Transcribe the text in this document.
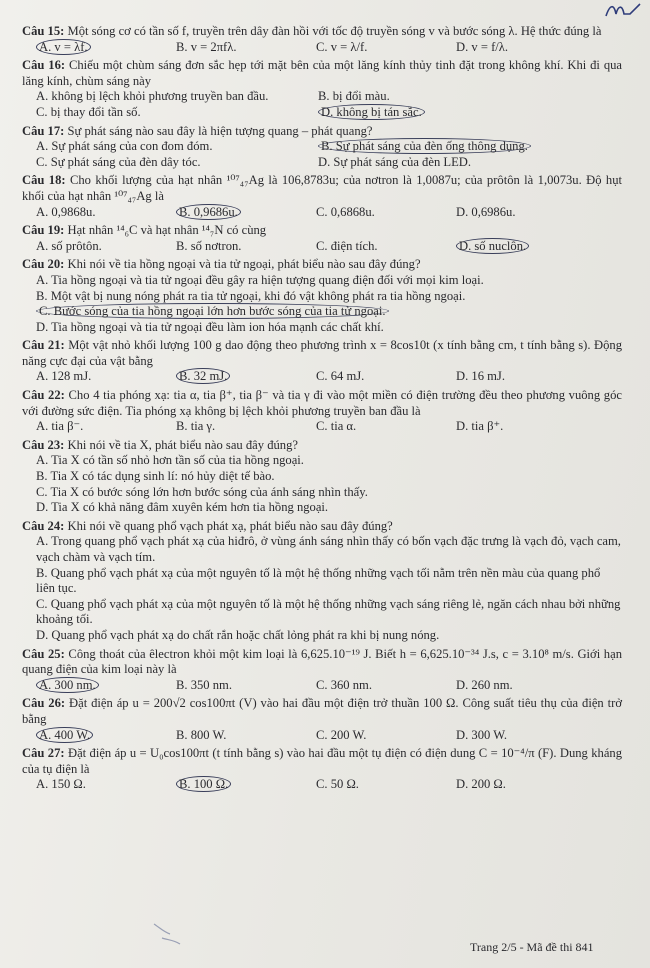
Câu 15: Một sóng cơ có tần số f, truyền trên dây đàn hồi với tốc độ truyền sóng v và bước sóng λ. Hệ thức đúng là
A. v = λf.	B. v = 2πfλ.	C. v = λ/f.	D. v = f/λ.
Câu 16: Chiếu một chùm sáng đơn sắc hẹp tới mặt bên của một lăng kính thủy tinh đặt trong không khí. Khi đi qua lăng kính, chùm sáng này
A. không bị lệch khỏi phương truyền ban đầu.	B. bị đổi màu.
C. bị thay đổi tần số.	D. không bị tán sắc.
Câu 17: Sự phát sáng nào sau đây là hiện tượng quang – phát quang?
A. Sự phát sáng của con đom đóm.	B. Sự phát sáng của đèn ống thông dụng.
C. Sự phát sáng của đèn dây tóc.	D. Sự phát sáng của đèn LED.
Câu 18: Cho khối lượng của hạt nhân ¹⁰⁷₄₇Ag là 106,8783u; của nơtron là 1,0087u; của prôtôn là 1,0073u. Độ hụt khối của hạt nhân ¹⁰⁷₄₇Ag là
A. 0,9868u.	B. 0,9686u.	C. 0,6868u.	D. 0,6986u.
Câu 19: Hạt nhân ¹⁴₆C và hạt nhân ¹⁴₇N có cùng
A. số prôtôn.	B. số nơtron.	C. điện tích.	D. số nuclôn.
Câu 20: Khi nói về tia hồng ngoại và tia tử ngoại, phát biểu nào sau đây đúng?
A. Tia hồng ngoại và tia tử ngoại đều gây ra hiện tượng quang điện đối với mọi kim loại.
B. Một vật bị nung nóng phát ra tia tử ngoại, khi đó vật không phát ra tia hồng ngoại.
C. Bước sóng của tia hồng ngoại lớn hơn bước sóng của tia tử ngoại.
D. Tia hồng ngoại và tia tử ngoại đều làm ion hóa mạnh các chất khí.
Câu 21: Một vật nhỏ khối lượng 100 g dao động theo phương trình x = 8cos10t (x tính bằng cm, t tính bằng s). Động năng cực đại của vật bằng
A. 128 mJ.	B. 32 mJ.	C. 64 mJ.	D. 16 mJ.
Câu 22: Cho 4 tia phóng xạ: tia α, tia β⁺, tia β⁻ và tia γ đi vào một miền có điện trường đều theo phương vuông góc với đường sức điện. Tia phóng xạ không bị lệch khỏi phương truyền ban đầu là
A. tia β⁻.	B. tia γ.	C. tia α.	D. tia β⁺.
Câu 23: Khi nói về tia X, phát biểu nào sau đây đúng?
A. Tia X có tần số nhỏ hơn tần số của tia hồng ngoại.
B. Tia X có tác dụng sinh lí: nó hủy diệt tế bào.
C. Tia X có bước sóng lớn hơn bước sóng của ánh sáng nhìn thấy.
D. Tia X có khả năng đâm xuyên kém hơn tia hồng ngoại.
Câu 24: Khi nói về quang phổ vạch phát xạ, phát biểu nào sau đây đúng?
A. Trong quang phổ vạch phát xạ của hiđrô, ở vùng ánh sáng nhìn thấy có bốn vạch đặc trưng là vạch đỏ, vạch cam, vạch chàm và vạch tím.
B. Quang phổ vạch phát xạ của một nguyên tố là một hệ thống những vạch tối nằm trên nền màu của quang phổ liên tục.
C. Quang phổ vạch phát xạ của một nguyên tố là một hệ thống những vạch sáng riêng lẻ, ngăn cách nhau bởi những khoảng tối.
D. Quang phổ vạch phát xạ do chất rắn hoặc chất lỏng phát ra khi bị nung nóng.
Câu 25: Công thoát của êlectron khỏi một kim loại là 6,625.10⁻¹⁹ J. Biết h = 6,625.10⁻³⁴ J.s, c = 3.10⁸ m/s. Giới hạn quang điện của kim loại này là
A. 300 nm.	B. 350 nm.	C. 360 nm.	D. 260 nm.
Câu 26: Đặt điện áp u = 200√2 cos100πt (V) vào hai đầu một điện trở thuần 100 Ω. Công suất tiêu thụ của điện trở bằng
A. 400 W.	B. 800 W.	C. 200 W.	D. 300 W.
Câu 27: Đặt điện áp u = U₀cos100πt (t tính bằng s) vào hai đầu một tụ điện có điện dung C = 10⁻⁴/π (F). Dung kháng của tụ điện là
A. 150 Ω.	B. 100 Ω.	C. 50 Ω.	D. 200 Ω.
Trang 2/5 - Mã đề thi 841
